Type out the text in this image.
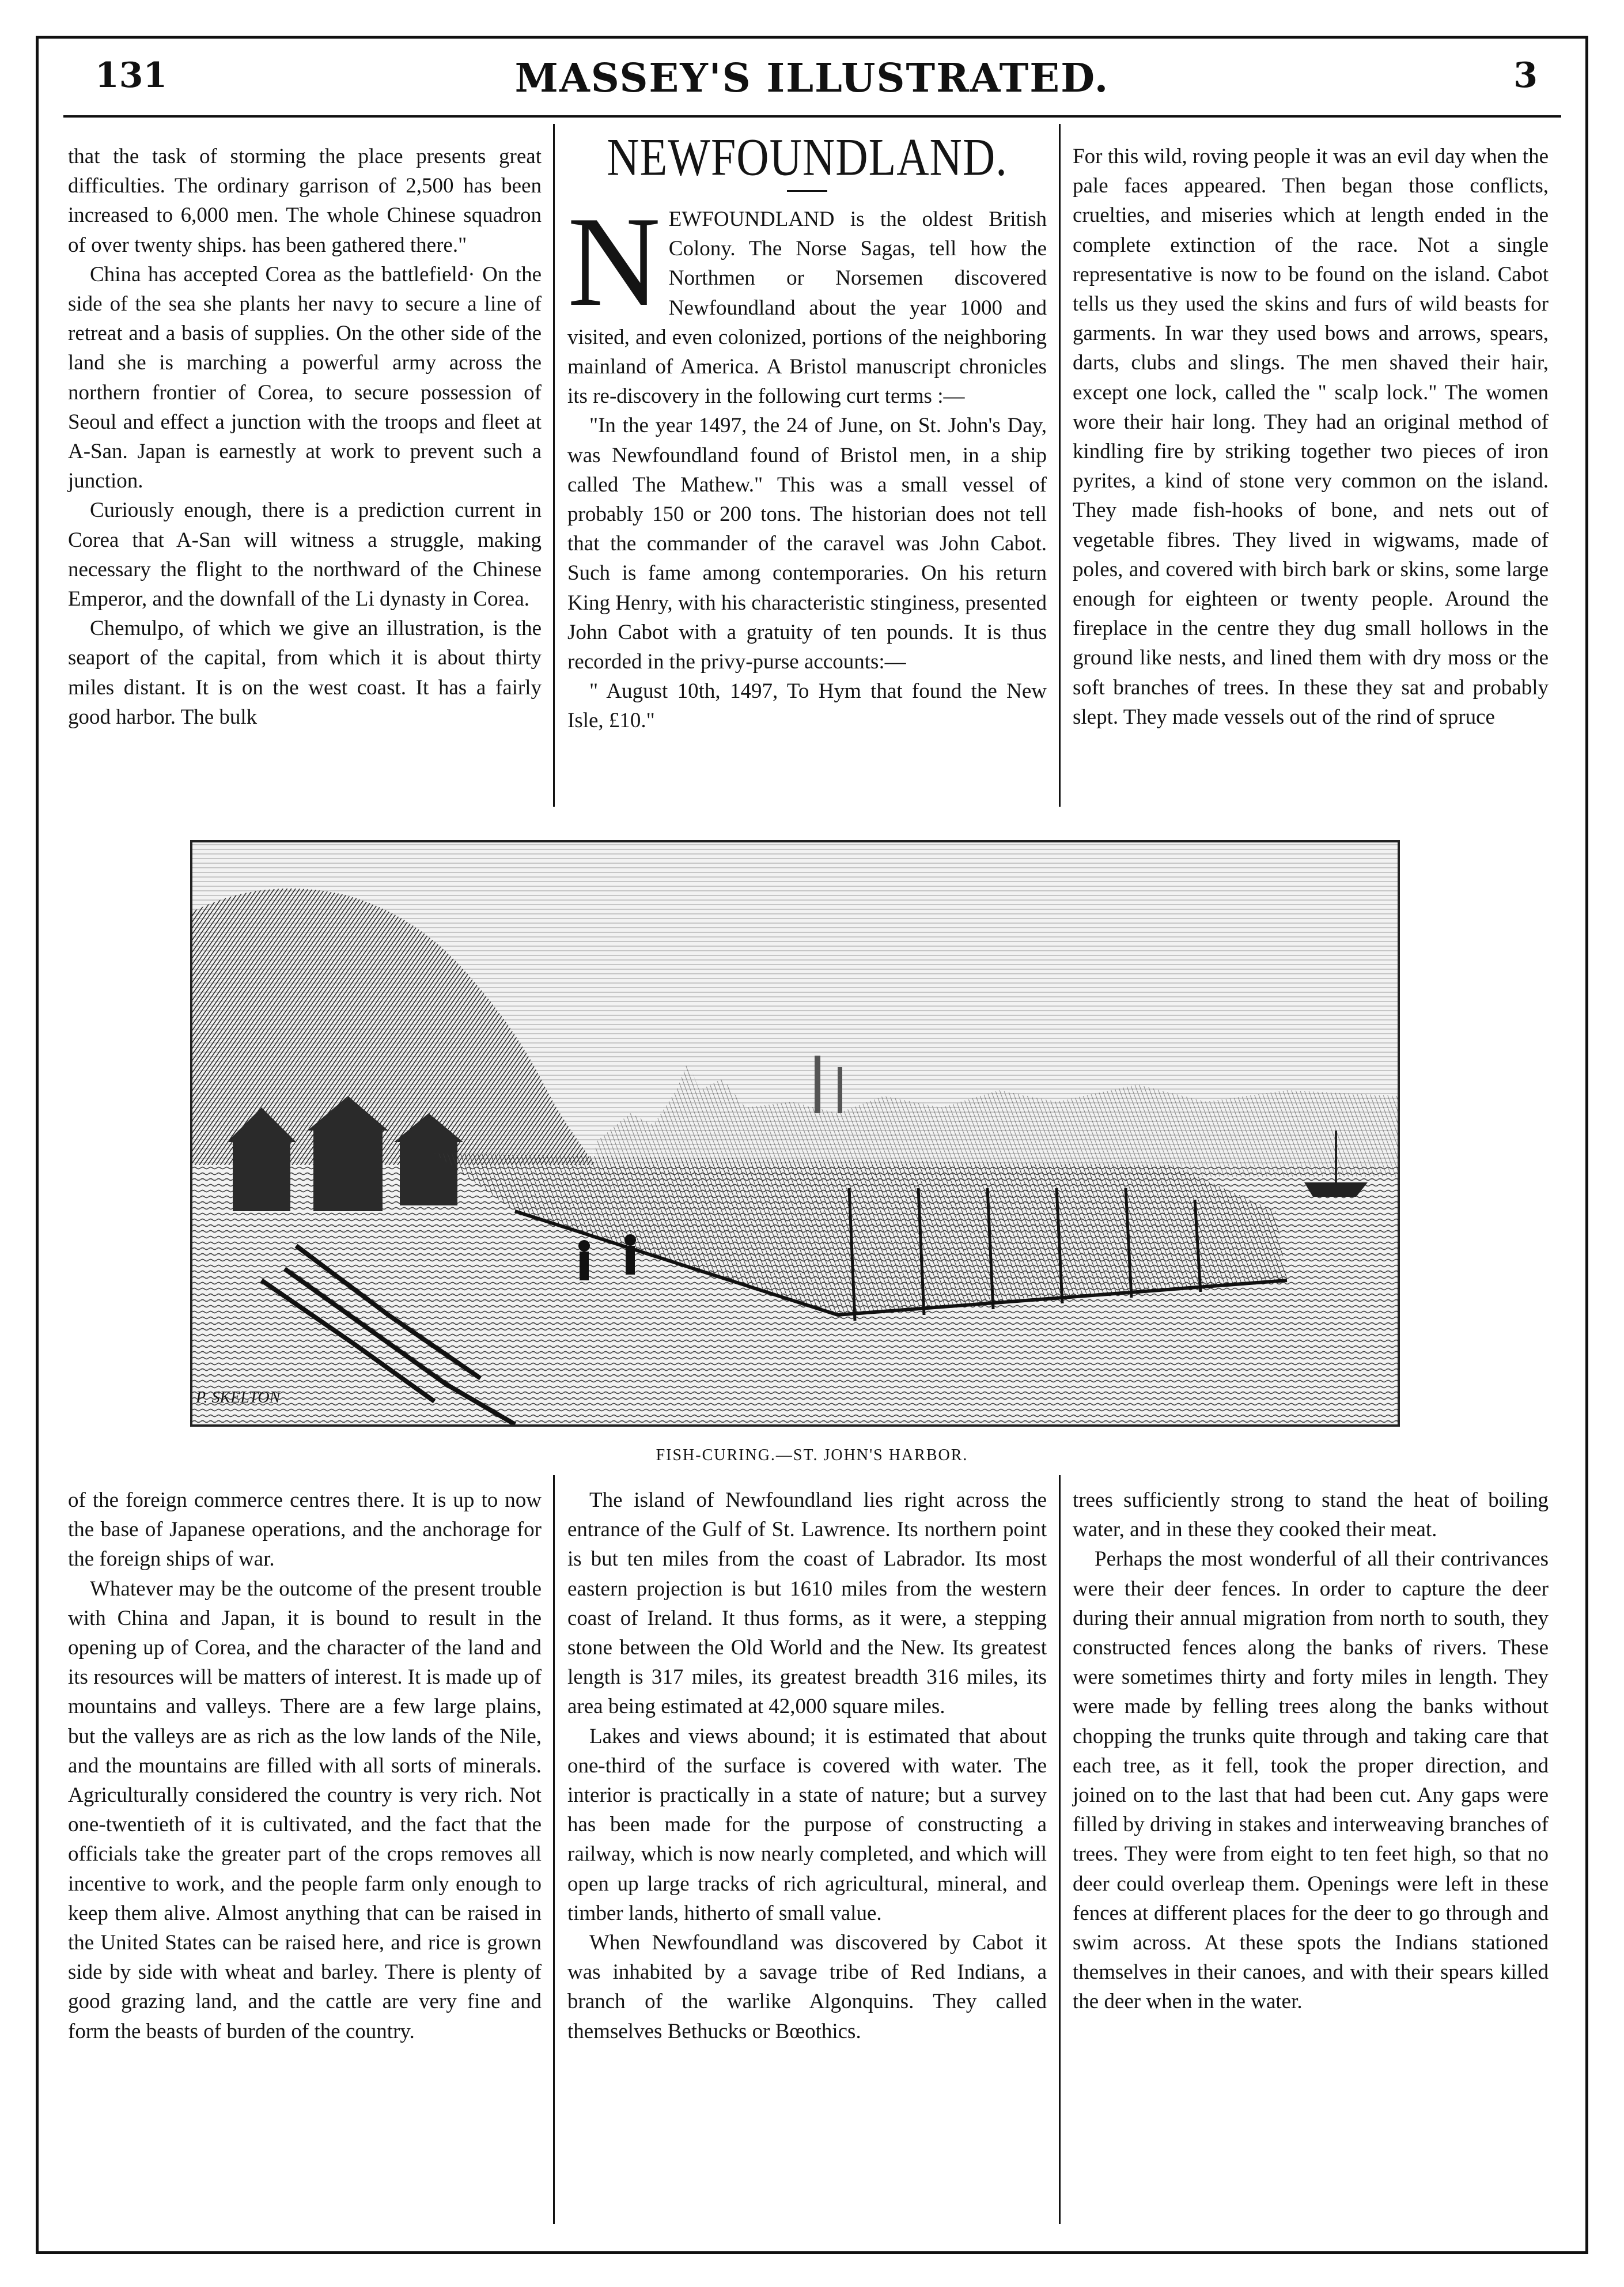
131	MASSEY'S ILLUSTRATED.	3

that the task of storming the place presents great difficulties. The ordinary garrison of 2,500 has been increased to 6,000 men. The whole Chinese squadron of over twenty ships. has been gathered there."

China has accepted Corea as the battlefield· On the side of the sea she plants her navy to secure a line of retreat and a basis of supplies. On the other side of the land she is marching a powerful army across the northern frontier of Corea, to secure possession of Seoul and effect a junction with the troops and fleet at A-San. Japan is earnestly at work to prevent such a junction.

Curiously enough, there is a prediction current in Corea that A-San will witness a struggle, making necessary the flight to the northward of the Chinese Emperor, and the downfall of the Li dynasty in Corea.

Chemulpo, of which we give an illustration, is the seaport of the capital, from which it is about thirty miles distant. It is on the west coast. It has a fairly good harbor. The bulk

NEWFOUNDLAND.

NEWFOUNDLAND is the oldest British Colony. The Norse Sagas, tell how the Northmen or Norsemen discovered Newfoundland about the year 1000 and visited, and even colonized, portions of the neighboring mainland of America. A Bristol manuscript chronicles its re-discovery in the following curt terms :—

"In the year 1497, the 24 of June, on St. John's Day, was Newfoundland found of Bristol men, in a ship called The Mathew." This was a small vessel of probably 150 or 200 tons. The historian does not tell that the commander of the caravel was John Cabot. Such is fame among contemporaries. On his return King Henry, with his characteristic stinginess, presented John Cabot with a gratuity of ten pounds. It is thus recorded in the privy-purse accounts:—

" August 10th, 1497, To Hym that found the New Isle, £10."

For this wild, roving people it was an evil day when the pale faces appeared. Then began those conflicts, cruelties, and miseries which at length ended in the complete extinction of the race. Not a single representative is now to be found on the island. Cabot tells us they used the skins and furs of wild beasts for garments. In war they used bows and arrows, spears, darts, clubs and slings. The men shaved their hair, except one lock, called the " scalp lock." The women wore their hair long. They had an original method of kindling fire by striking together two pieces of iron pyrites, a kind of stone very common on the island. They made fish-hooks of bone, and nets out of vegetable fibres. They lived in wigwams, made of poles, and covered with birch bark or skins, some large enough for eighteen or twenty people. Around the fireplace in the centre they dug small hollows in the ground like nests, and lined them with dry moss or the soft branches of trees. In these they sat and probably slept. They made vessels out of the rind of spruce

P. SKELTON
FISH-CURING.—ST. JOHN'S HARBOR.

of the foreign commerce centres there. It is up to now the base of Japanese operations, and the anchorage for the foreign ships of war.

Whatever may be the outcome of the present trouble with China and Japan, it is bound to result in the opening up of Corea, and the character of the land and its resources will be matters of interest. It is made up of mountains and valleys. There are a few large plains, but the valleys are as rich as the low lands of the Nile, and the mountains are filled with all sorts of minerals. Agriculturally considered the country is very rich. Not one-twentieth of it is cultivated, and the fact that the officials take the greater part of the crops removes all incentive to work, and the people farm only enough to keep them alive. Almost anything that can be raised in the United States can be raised here, and rice is grown side by side with wheat and barley. There is plenty of good grazing land, and the cattle are very fine and form the beasts of burden of the country.

The island of Newfoundland lies right across the entrance of the Gulf of St. Lawrence. Its northern point is but ten miles from the coast of Labrador. Its most eastern projection is but 1610 miles from the western coast of Ireland. It thus forms, as it were, a stepping stone between the Old World and the New. Its greatest length is 317 miles, its greatest breadth 316 miles, its area being estimated at 42,000 square miles.

Lakes and views abound; it is estimated that about one-third of the surface is covered with water. The interior is practically in a state of nature; but a survey has been made for the purpose of constructing a railway, which is now nearly completed, and which will open up large tracks of rich agricultural, mineral, and timber lands, hitherto of small value.

When Newfoundland was discovered by Cabot it was inhabited by a savage tribe of Red Indians, a branch of the warlike Algonquins. They called themselves Bethucks or Bœothics.

trees sufficiently strong to stand the heat of boiling water, and in these they cooked their meat.

Perhaps the most wonderful of all their contrivances were their deer fences. In order to capture the deer during their annual migration from north to south, they constructed fences along the banks of rivers. These were sometimes thirty and forty miles in length. They were made by felling trees along the banks without chopping the trunks quite through and taking care that each tree, as it fell, took the proper direction, and joined on to the last that had been cut. Any gaps were filled by driving in stakes and interweaving branches of trees. They were from eight to ten feet high, so that no deer could overleap them. Openings were left in these fences at different places for the deer to go through and swim across. At these spots the Indians stationed themselves in their canoes, and with their spears killed the deer when in the water.
